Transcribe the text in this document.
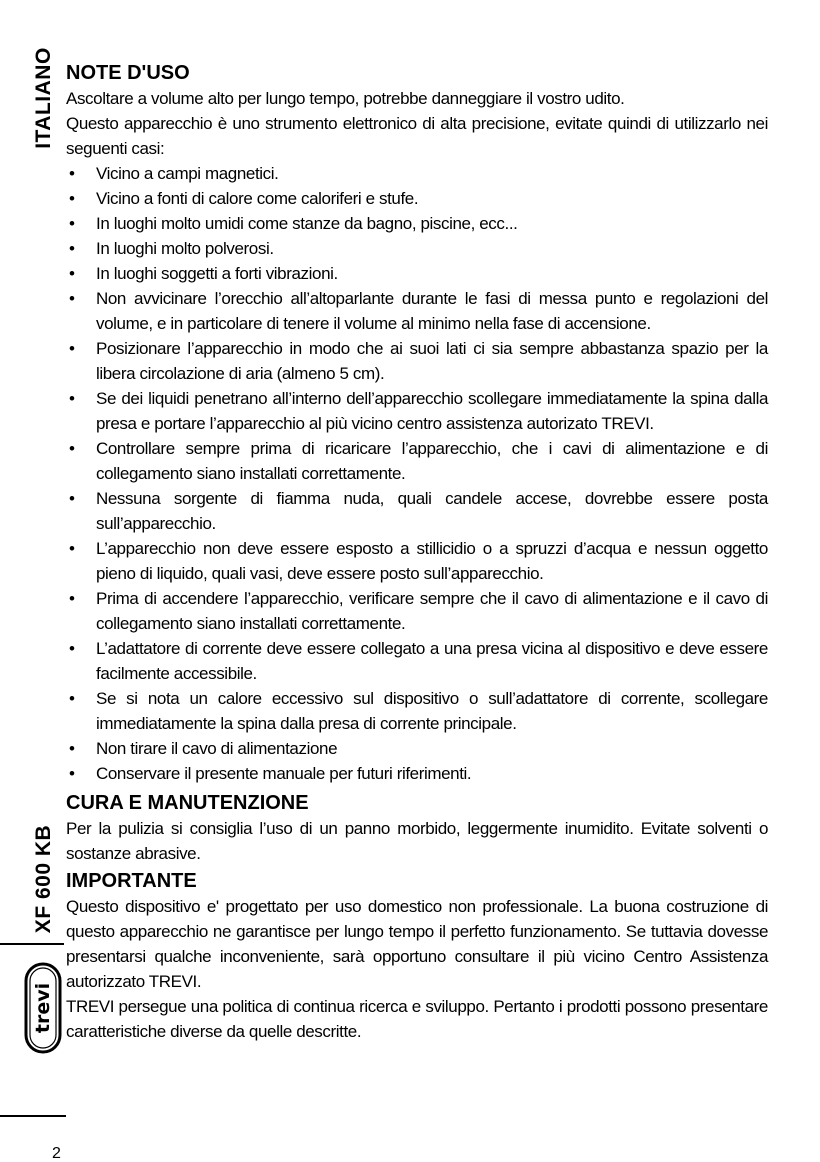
ITALIANO
XF 600 KB
trevi
2
NOTE D'USO

Ascoltare a volume alto per lungo tempo, potrebbe danneggiare il vostro udito.

Questo apparecchio è uno strumento elettronico di alta precisione, evitate quindi di utilizzarlo nei seguenti casi:

• Vicino a campi magnetici.
• Vicino a fonti di calore come caloriferi e stufe.
• In luoghi molto umidi come stanze da bagno, piscine, ecc...
• In luoghi molto polverosi.
• In luoghi soggetti a forti vibrazioni.
• Non avvicinare l’orecchio all’altoparlante durante le fasi di messa punto e regolazioni del volume, e in particolare di tenere il volume al minimo nella fase di accensione.
• Posizionare l’apparecchio in modo che ai suoi lati ci sia sempre abbastanza spazio per la libera circolazione di aria (almeno 5 cm).
• Se dei liquidi penetrano all’interno dell’apparecchio scollegare immediatamente la spina dalla presa e portare l’apparecchio al più vicino centro assistenza autorizato TREVI.
• Controllare sempre prima di ricaricare l’apparecchio, che i cavi di alimentazione e di collegamento siano installati correttamente.
• Nessuna sorgente di fiamma nuda, quali candele accese, dovrebbe essere posta sull’apparecchio.
• L’apparecchio non deve essere esposto a stillicidio o a spruzzi d’acqua e nessun oggetto pieno di liquido, quali vasi, deve essere posto sull’apparecchio.
• Prima di accendere l’apparecchio, verificare sempre che il cavo di alimentazione e il cavo di collegamento siano installati correttamente.
• L’adattatore di corrente deve essere collegato a una presa vicina al dispositivo e deve essere facilmente accessibile.
• Se si nota un calore eccessivo sul dispositivo o sull’adattatore di corrente, scollegare immediatamente la spina dalla presa di corrente principale.
• Non tirare il cavo di alimentazione
• Conservare il presente manuale per futuri riferimenti.
CURA E MANUTENZIONE

Per la pulizia si consiglia l’uso di un panno morbido, leggermente inumidito. Evitate solventi o sostanze abrasive.

IMPORTANTE

Questo dispositivo e' progettato per uso domestico non professionale. La buona costruzione di questo apparecchio ne garantisce per lungo tempo il perfetto funzionamento. Se tuttavia dovesse presentarsi qualche inconveniente, sarà opportuno consultare il più vicino Centro Assistenza autorizzato TREVI.

TREVI persegue una politica di continua ricerca e sviluppo. Pertanto i prodotti possono presentare caratteristiche diverse da quelle descritte.
